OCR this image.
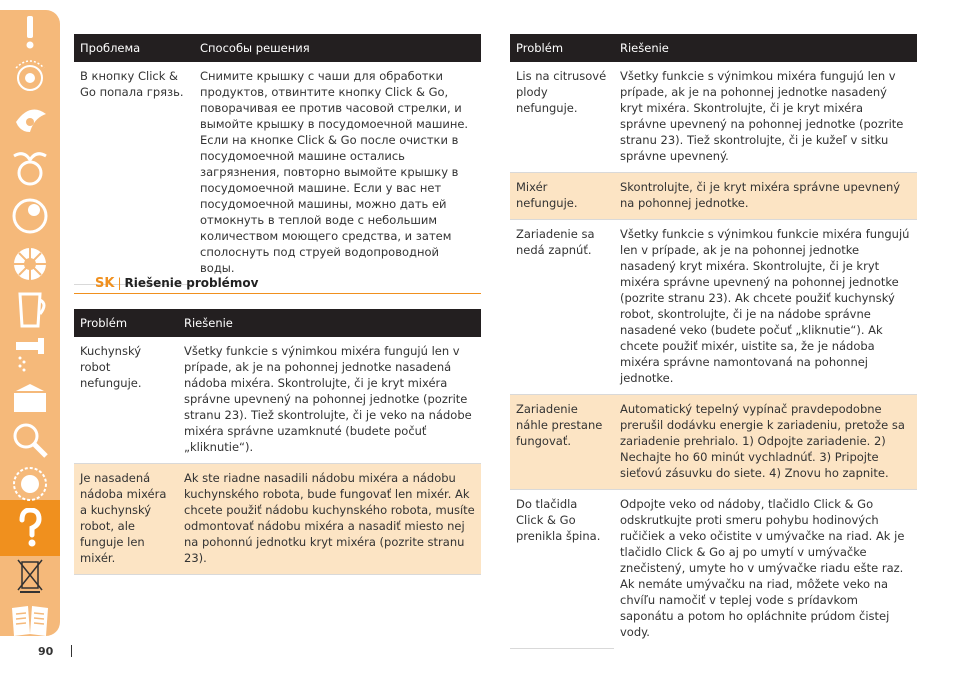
90
Проблема	Способы решения
В кнопку Click & Go попала грязь.	Снимите крышку с чаши для обработки продуктов, отвинтите кнопку Click & Go, поворачивая ее против часовой стрелки, и вымойте крышку в посудомоечной машине. Если на кнопке Click & Go после очистки в посудомоечной машине остались загрязнения, повторно вымойте крышку в посудомоечной машине. Если у вас нет посудомоечной машины, можно дать ей отмокнуть в теплой воде с небольшим количеством моющего средства, и затем сполоснуть под струей водопроводной воды.
SK | Riešenie problémov
Problém	Riešenie
Kuchynský robot nefunguje.	Všetky funkcie s výnimkou mixéra fungujú len v prípade, ak je na pohonnej jednotke nasadená nádoba mixéra. Skontrolujte, či je kryt mixéra správne upevnený na pohonnej jednotke (pozrite stranu 23). Tiež skontrolujte, či je veko na nádobe mixéra správne uzamknuté (budete počuť „kliknutie“).
Je nasadená nádoba mixéra a kuchynský robot, ale funguje len mixér.	Ak ste riadne nasadili nádobu mixéra a nádobu kuchynského robota, bude fungovať len mixér. Ak chcete použiť nádobu kuchynského robota, musíte odmontovať nádobu mixéra a nasadiť miesto nej na pohonnú jednotku kryt mixéra (pozrite stranu 23).
Problém	Riešenie
Lis na citrusové plody nefunguje.	Všetky funkcie s výnimkou mixéra fungujú len v prípade, ak je na pohonnej jednotke nasadený kryt mixéra. Skontrolujte, či je kryt mixéra správne upevnený na pohonnej jednotke (pozrite stranu 23). Tiež skontrolujte, či je kužeľ v sitku správne upevnený.
Mixér nefunguje.	Skontrolujte, či je kryt mixéra správne upevnený na pohonnej jednotke.
Zariadenie sa nedá zapnúť.	Všetky funkcie s výnimkou funkcie mixéra fungujú len v prípade, ak je na pohonnej jednotke nasadený kryt mixéra. Skontrolujte, či je kryt mixéra správne upevnený na pohonnej jednotke (pozrite stranu 23). Ak chcete použiť kuchynský robot, skontrolujte, či je na nádobe správne nasadené veko (budete počuť „kliknutie“). Ak chcete použiť mixér, uistite sa, že je nádoba mixéra správne namontovaná na pohonnej jednotke.
Zariadenie náhle prestane fungovať.	Automatický tepelný vypínač pravdepodobne prerušil dodávku energie k zariadeniu, pretože sa zariadenie prehrialo. 1) Odpojte zariadenie. 2) Nechajte ho 60 minút vychladnúť. 3) Pripojte sieťovú zásuvku do siete. 4) Znovu ho zapnite.
Do tlačidla Click & Go prenikla špina.	Odpojte veko od nádoby, tlačidlo Click & Go odskrutkujte proti smeru pohybu hodinových ručičiek a veko očistite v umývačke na riad. Ak je tlačidlo Click & Go aj po umytí v umývačke znečistený, umyte ho v umývačke riadu ešte raz. Ak nemáte umývačku na riad, môžete veko na chvíľu namočiť v teplej vode s prídavkom saponátu a potom ho opláchnite prúdom čistej vody.
